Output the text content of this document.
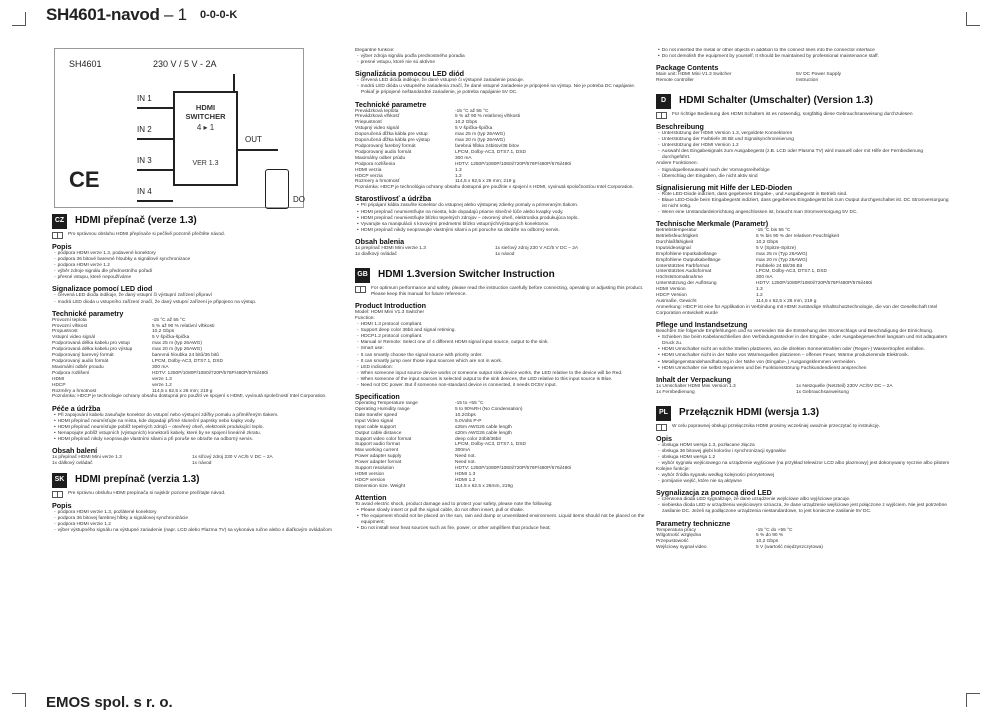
SH4601-navod – 1 0-0-0-K
SH4601	230 V / 5 V - 2A
IN 1
IN 2
IN 3
IN 4
OUT
HDMI SWITCHER
4 ▸ 1
VER 1.3
DO
CE
CZ HDMI přepínač (verze 1.3)
Pro správnou obsluhu HDMI přepínače si pečlivě pozorně přečtěte návod.
Popis
- podpora HDMI verze 1.3, podavené konektory
- podpora 36 bitové barevné hloubky a signálové synchronizace
- podpora HDMI verze 1.2
- výběr zdroje signálu dle přednostního pořadí
- přesné vstupu, které nepoužíváme
Signalizace pomocí LED diod
- červená LED dioda indikuje, že daný vstupní či výstupní zařízení připraví
- modrá LED dioda u vstupního zařízení značí, že daný vstupní zařízení je připojeno na výstup.
Technické parametry
Provozní teplota	-15 °C až 55 °C
Provozní vlhkost	5 % až 90 % relativní vlhkosti
Propustnost	10,2 Gbps
Vstupní video signál	5 V špička-špička
Podporovaná délka kabelu pro vstup	max 25 m (typ 26AWG)
Podporovaná délka kabelu pro výstup	max 20 m (typ 26AWG)
Podporovaný barevný formát	barevná hloubka 24 bitů/36 bitů
Podporovaný audio formát	LPCM, Dolby-AC3, DTS7.1, DSD
Maximální odběr proudu	300 mA
Podpora rozlišení	HDTV: 1250P/1080P/1080i/720P/576P/480P/576i/480i
HDMI	verze 1.3
HDCP	verze 1.2
Rozměry a hmotnost	114,5 x 62,5 x 26 mm; 219 g

Poznámka: HDCP je technologie ochrany obsahu dostupná pro použití ve spojení s HDMI, vyvinutá společností Intel Corporation.

Péče a údržba
• Při zapojování kabelu zasuňujte konektor do vstupní nebo výstupní zdířky pomalu a přiměřeným tlakem.
• HDMI přepínač neumísťujte na místa, kde dopadají přímé sluneční paprsky nebo kapky vody.
• HDMI přepínač neumísťujte poblíž tepelných zdrojů – otevřený oheň, elektronik produkující teplo.
• Nenapojujte poblíž vstupních (výstupních) konektorů kabely, které by se spojení lineárně zkratu.
• HDMI přepínač nikdy neopravujte vlastními silami a při poruše se obraťte na odborný servis.
Obsah balení
1x přepínač HDMI Mini verze 1.3	1x síťový zdroj 230 V AC/5 V DC – 2A
1x dálkový ovládač	1x návod
SK HDMI prepínač (verzia 1.3)
Pre správnu obsluhu HDMI prepínača si najskôr pozorne prečítajte návod.
Popis
- podpora HDMI verzie 1.3, pozlátené konektory
- podpora 36 bitovej farebnej hĺbky a signálovej synchronizácie
- podpora HDMI verzie 1.2
- výber výstupného signálu na výstupné zariadenie (napr. LCD alebo Plazma TV) sa vykonáva ručne alebo s diaľkovým ovládačom

Elegantné funkcie:

- výber zdroja signálu podľa prednostného poradia
- presné vstupu, ktoré nie sú aktívne
Signalizácia pomocou LED diód
- červená LED dióda indikuje, že dané vstupné či výstupné zariadenie pracuje.
- modrá LED dióda u vstupného zariadenia značí, že dané vstupné zariadenie je pripojené na výstup. Nie je potreba DC napájanie. Pokiaľ je pripojené neštandardné zariadenie, je potreba napájanie 5V DC.
Technické parametre
Prevádzková teplota	-15 °C až 55 °C
Prevádzková vlhkosť	5 % až 90 % relatívnej vlhkosti
Priepustnosť	10,2 Gbps
Vstupný video signál	5 V špička-špička
Doporučená dĺžka kábla pre vstup	max 25 m (typ 26AWG)
Doporučená dĺžka kábla pre výstup	max 20 m (typ 26AWG)
Podporovaný farebný formát	farebná hĺbka 24bitov/36 bitov
Podporovaný audio formát	LPCM, Dolby-AC3, DTS7.1, DSD
Maximálny odber prúdu	300 mA
Podpora rozlíšenia	HDTV: 1250P/1080P/1080i/720P/576P/480P/576i/480i
HDMI verzia	1.3
HDCP verzia	1.2
Rozmery a hmotnosť	114,5 x 62,5 x 26 mm; 219 g

Poznámka: HDCP je technológia ochrany obsahu dostupná pre použitie v spojení s HDMI, vyvinutá spoločnosťou Intel Corporation.

Starostlivosť a údržba
• Pri pripájaní kábla zasuňte konektor do vstupnej alebo výstupnej zdierky pomaly a primeraným tlakom.
• HDMI prepínač neumiestňujte na miesta, kde dopadajú priame slnečné lúče alebo kvapky vody.
• HDMI prepínač neumiestňujte blízko tepelných zdrojov – otvorený oheň, elektronika produkujúca teplo.
• Vyvarujte sa manipulácii s kovovými predmetmi blízko vstupných/výstupných konektorov.
• HDMI prepínač nikdy neopravujte vlastnými silami a pri poruche sa obráťte na odborný servis.
Obsah balenia
1x prepínač HDMI Mini verzie 1.3	1x sieťový zdroj 230 V AC/5 V DC – 2A
1x diaľkový ovládač	1x návod
GB HDMI 1.3version Switcher Instruction
For optimum performance and safety, please read the instruction carefully before connecting, operating or adjusting this product. Please keep this manual for future reference.
Product Introduction

Model: HDMI Mini V1.3 Switcher

Function:

- HDMI 1.3 protocol compliant.
- Support deep color 36bit and signal retiming.
- HDCP1.2 protocol compliant.
- Manual or Remote: Select one of 4 different HDMI signal input source, output to the sink.
- Smart use:
- It can smartly choose the signal source with priority order.
- It can smartly jump over those input sources which are not in work.
- LED indication:
- When someone input source device works or someone output sink device works, the LED relative to the device will be Red.
- When someone of the input sources is selected output to the sink devices, the LED relative to this input source is Blue.
- Need not DC power. But if someone non-standard device is connected, it needs DC5V input.
Specification
Operating Temperature range	-15 to +55 °C
Operating Humidity range	5 to 90%RH (No Condensation)
Date transfer speed	10.2Gbps
Input Video signal	5.0Volts P-P
Input cable support	≤25m AWG26 cable length
Output cable distance	≤20m AWG26 cable length
Support video color format	deep color 24bit/36bit
Support audio format	LPCM, Dolby-AC3, DTS7.1, DSD
Max working current	300mA
Power adapter supply	Need not.
Power adapter format	Need not.
Support resolution	HDTV: 1250P/1080P/1080i/720P/576P/480P/576i/480i
HDMI version	HDMI 1.3
HDCP version	HDMI 1.2
Dimension size. Weight	114.5 x 62.5 x 26mm, 219g
Attention

To avoid electric shock, product damage and to protect your safety, please note the following:

• Please slowly insert or pull the signal cable, do not often insert, pull or shake.
• The equipment should not be placed on the sun, rain and damp or unventilated environment. Liquid items should not be placed on the equipment;
• Do not install near heat sources such as fire, power, or other amplifiers that produce heat;
• Do not inserted the metal or other objects in addition to the connect lines into the connector interface
• Do not demolish the equipment by yourself; It should be maintained by professional maintenance staff.
Package Contents
Main unit: HDMI Mini V1.3 Switcher	5V DC Power Supply
Remote controller	Instruction
D	HDMI Schalter (Umschalter) (Version 1.3)
Für richtige Bedienung des HDMI Schalters ist es notwendig, sorgfältig diese Gebrauchsanweisung durchzulesen
Beschreibung
- Unterstützung der HDMI Version 1.3, vergoldete Konnektoren
- Unterstützung der Farbtiefe 36 Bit und Signalsynchronisierung
- Unterstützung der HDMI Version 1.2
- Auswahl des Eingabesignals zum Ausgabegerät (z.B. LCD oder Plasma TV) wird manuell oder mit Hilfe der Fernbedienung durchgeführt.

Andere Funktionen:

- Signalquellenauswahl nach der Vorrangsreihefolge
- Überschlag der Eingaben, die nicht aktiv sind
Signalisierung mit Hilfe der LED-Dioden
- Rote LED-Diode indiziert, dass gegebenes Eingabe-, und Ausgabegerät in Betrieb sind.
- Blaue LED-Diode beim Eingabegerät indiziert, dass gegebenes Eingabegerät bis zum Output durchgeschaltet ist. DC Stromversorgung ist nicht nötig.
- Wenn eine Unstandardeinrichtung angeschlossen ist, braucht man Stromversorgung 5V DC.
Technische Merkmale (Parametr)
Betriebstemperatur	-15 °C bis 55 °C
Betriebsfeuchtigkeit	5 % bis 90 % der relativen Feuchtigkeit
Durchlaßfähigkeit	10,2 Gbps
Inputvideosignal	5 V (Spitze-Spitze)
Empfohlene Inputkabellänge	max 25 m (Typ 26AWG)
Empfohlene Outputkabellänge	max 20 m (Typ 26AWG)
Unterstütztes Farbformat	Farbtiefe 24 Bit/36 Bit
Unterstütztes Audioformat	LPCM, Dolby-AC3, DTS7.1, DSD
Höchststromabnahme	300 mA
Unterstützung der Auflösung	HDTV: 1250P/1080P/1080i/720P/576P/480P/576i/480i
HDMI Version	1.3
HDCP Version	1.2
Ausmaße, Gewicht	114,5 x 62,5 x 26 mm, 219 g

Anmerkung: HDCP ist eine für Applikation in Verbindung mit HDMI zuständige Inhaltschutztechnologie, die von der Gesellschaft Intel Corporation entwickelt wurde

Pflege und Instandsetzung

Beachten Sie folgende Empfehlungen und so vermeiden Sie die Entstehung des Stromschlags und Beschädigung der Einrichtung.

• Schieben Sie beim Kabelanschließen den Verbindungsstecker in den Eingabe-, oder Ausgabegerwechsel langsam und mit adäquatem Druck zu.
• HDMI Umschalter nicht an solche Stellen platzieren, wo die direkten Sonnenstrahlen oder (Regen-) Wassertropfen einfallen.
• HDMI Umschalter nicht in der Nähe von Wärmequellen platzieren – offenes Feuer, Wärme produzierende Elektronik.
• Metallgegenstandehandhabung in der Nähe von (Eingabe-,) Ausgangsklemmen vermeiden.
• HDMI Umschalter nie selbst reparieren und bei Funktionsstörung Fachkundendienst ansprechen
Inhalt der Verpackung
1x Umschalter HDMI Mini Version 1.3	1x Netzquelle (Netzteil) 230V AC/5V DC – 2A
1x Fernbedienung	1x Gebrauchsanweisung
PL	Przełącznik HDMI (wersja 1.3)
W celu poprawnej obsługi przełącznika HDMI prosimy wcześniej uważnie przeczytać tę instrukcję.
Opis
- obsługa HDMI wersja 1.3, pozłacane złącza
- obsługa 36 bitowej głębi kolorów i synchronizacji sygnałów
- obsługa HDMI wersja 1.2
- wybór sygnału wejściowego na urządzenie wyjściowe (na przykład telewizor LCD albo plazmowy) jest dokonywany ręcznie albo pilotem

Kolejne funkcje:

- wybór źródła sygnału według kolejności priorytetowej
- pomijanie wejść, które nie są aktywne
Sygnalizacja za pomocą diod LED
- czerwona dioda LED sygnalizuje, że dane urządzenie wejściowe albo wyjściowe pracuje.
- niebieska dioda LED w urządzeniu wejściowym oznacza, że dane urządzenie wejściowe jest połączone z wyjściem. Nie jest potrzebne zasilanie DC. Jeżeli są podłączone urządzenia niestandardowe, to jest konieczne zasilanie 5V DC.
Parametry techniczne
Temperatura pracy	-15 °C do +55 °C
Wilgotność względna	5 % do 90 %
Przepustowość	10,2 Gbps
Wejściowy sygnał video	5 V (wartość międzyszczytowa)
EMOS spol. s r. o.
